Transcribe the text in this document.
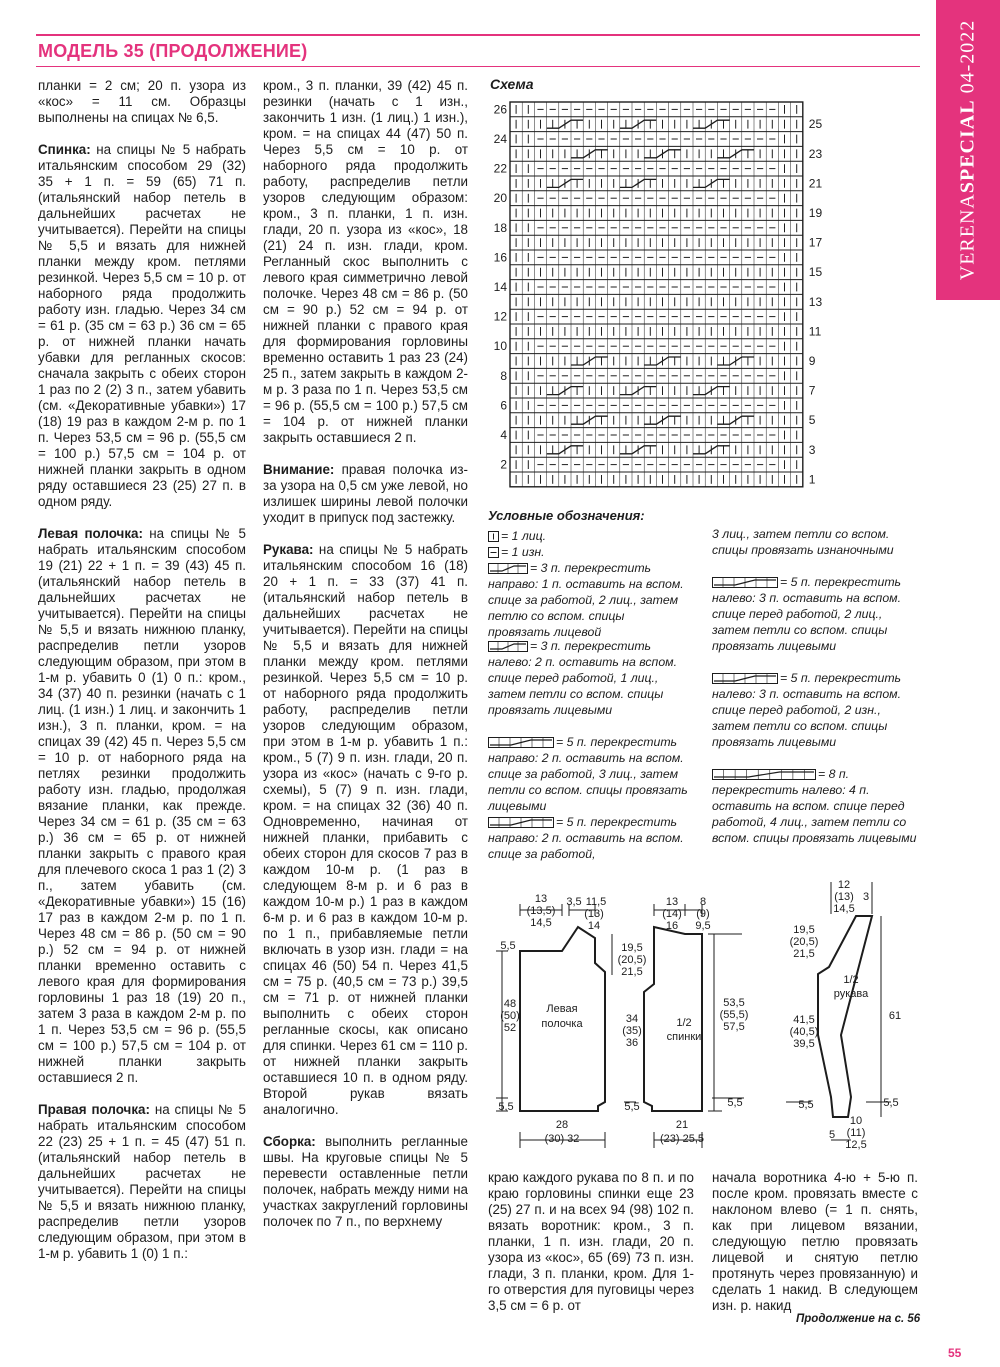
МОДЕЛЬ 35 (ПРОДОЛЖЕНИЕ)
VERENASPECIAL 04-2022

планки = 2 см; 20 п. узора из «кос» = 11 см. Образцы выполнены на спицах № 6,5.

Спинка: на спицы № 5 набрать итальянским способом 29 (32) 35 + 1 п. = 59 (65) 71 п. (итальянский набор петель в дальнейших расчетах не учитывается). Перейти на спицы № 5,5 и вязать для нижней планки между кром. петлями резинкой. Через 5,5 см = 10 р. от наборного ряда продолжить работу изн. гладью. Через 34 см = 61 р. (35 см = 63 р.) 36 см = 65 р. от нижней планки начать убавки для регланных скосов: сначала закрыть с обеих сторон 1 раз по 2 (2) 3 п., затем убавить (см. «Декоративные убавки») 17 (18) 19 раз в каждом 2-м р. по 1 п. Через 53,5 см = 96 р. (55,5 см = 100 р.) 57,5 см = 104 р. от нижней планки закрыть в одном ряду оставшиеся 23 (25) 27 п. в одном ряду.

Левая полочка: на спицы № 5 набрать итальянским способом 19 (21) 22 + 1 п. = 39 (43) 45 п. (итальянский набор петель в дальнейших расчетах не учитывается). Перейти на спицы № 5,5 и вязать нижнюю планку, распределив петли узоров следующим образом, при этом в 1-м р. убавить 0 (1) 0 п.: кром., 34 (37) 40 п. резинки (начать с 1 лиц. (1 изн.) 1 лиц. и закончить 1 изн.), 3 п. планки, кром. = на спицах 39 (42) 45 п. Через 5,5 см = 10 р. от наборного ряда на петлях резинки продолжить работу изн. гладью, продолжая вязание планки, как прежде. Через 34 см = 61 р. (35 см = 63 р.) 36 см = 65 р. от нижней планки закрыть с правого края для плечевого скоса 1 раз 1 (2) 3 п., затем убавить (см. «Декоративные убавки») 15 (16) 17 раз в каждом 2-м р. по 1 п. Через 48 см = 86 р. (50 см = 90 р.) 52 см = 94 р. от нижней планки временно оставить с левого края для формирования горловины 1 раз 18 (19) 20 п., затем 3 раза в каждом 2-м р. по 1 п. Через 53,5 см = 96 р. (55,5 см = 100 р.) 57,5 см = 104 р. от нижней планки закрыть оставшиеся 2 п.

Правая полочка: на спицы № 5 набрать итальянским способом 22 (23) 25 + 1 п. = 45 (47) 51 п. (итальянский набор петель в дальнейших расчетах не учитывается). Перейти на спицы № 5,5 и вязать нижнюю планку, распределив петли узоров следующим образом, при этом в 1-м р. убавить 1 (0) 1 п.:

кром., 3 п. планки, 39 (42) 45 п. резинки (начать с 1 изн., закончить 1 изн. (1 лиц.) 1 изн.), кром. = на спицах 44 (47) 50 п. Через 5,5 см = 10 р. от наборного ряда продолжить работу, распределив петли узоров следующим образом: кром., 3 п. планки, 1 п. изн. глади, 20 п. узора из «кос», 18 (21) 24 п. изн. глади, кром. Регланный скос выполнить с левого края симметрично левой полочке. Через 48 см = 86 р. (50 см = 90 р.) 52 см = 94 р. от нижней планки с правого края для формирования горловины временно оставить 1 раз 23 (24) 25 п., затем закрыть в каждом 2-м р. 3 раза по 1 п. Через 53,5 см = 96 р. (55,5 см = 100 р.) 57,5 см = 104 р. от нижней планки закрыть оставшиеся 2 п.

Внимание: правая полочка из-за узора на 0,5 см уже левой, но излишек ширины левой полочки уходит в припуск под застежку.

Рукава: на спицы № 5 набрать итальянским способом 16 (18) 20 + 1 п. = 33 (37) 41 п. (итальянский набор петель в дальнейших расчетах не учитывается). Перейти на спицы № 5,5 и вязать для нижней планки между кром. петлями резинкой. Через 5,5 см = 10 р. от наборного ряда продолжить работу, распределив петли узоров следующим образом, при этом в 1-м р. убавить 1 п.: кром., 5 (7) 9 п. изн. глади, 20 п. узора из «кос» (начать с 9-го р. схемы), 5 (7) 9 п. изн. глади, кром. = на спицах 32 (36) 40 п. Одновременно, начиная от нижней планки, прибавить с обеих сторон для скосов 7 раз в каждом 10-м р. (1 раз в следующем 8-м р. и 6 раз в каждом 10-м р.) 1 раз в каждом 6-м р. и 6 раз в каждом 10-м р. по 1 п., прибавляемые петли включать в узор изн. глади = на спицах 46 (50) 54 п. Через 41,5 см = 75 р. (40,5 см = 73 р.) 39,5 см = 71 р. от нижней планки выполнить с обеих сторон регланные скосы, как описано для спинки. Через 61 см = 110 р. от нижней планки закрыть оставшиеся 10 п. в одном ряду. Второй рукав вязать аналогично.

Сборка: выполнить регланные швы. На круговые спицы № 5 перевести оставленные петли полочек, набрать между ними на участках закруглений горловины полочек по 7 п., по верхнему

Схема
2
4
6
8
10
12
14
16
18
20
22
24
26
1
3
5
7
9
11
13
15
17
19
21
23
25
Условные обозначения:
= 1 лиц.
= 1 изн.
= 3 п. перекрестить направо: 1 п. оставить на вспом. спице за работой, 2 лиц., затем петлю со вспом. спицы провязать лицевой
= 3 п. перекрестить налево: 2 п. оставить на вспом. спице перед работой, 1 лиц., затем петли со вспом. спицы провязать лицевыми
= 5 п. перекрестить направо: 2 п. оставить на вспом. спице за работой, 3 лиц., затем петли со вспом. спицы провязать лицевыми
= 5 п. перекрестить направо: 2 п. оставить на вспом. спице за работой,
3 лиц., затем петли со вспом. спицы провязать изнаночными
= 5 п. перекрестить налево: 3 п. оставить на вспом. спице перед работой, 2 лиц., затем петли со вспом. спицы провязать лицевыми
= 5 п. перекрестить налево: 3 п. оставить на вспом. спице перед работой, 2 изн., затем петли со вспом. спицы провязать лицевыми
= 8 п. перекрестить налево: 4 п. оставить на вспом. спице перед работой, 4 лиц., затем петли со вспом. спицы провязать лицевыми
Левая
полочка
13
(13,5)
14,5
3,5 11,5
(13)
14
19,5
(20,5)
21,5
48
(50)
52
5,5
5,5
28
(30) 32
1/2
спинки
13
(14)
16
8
(9)
9,5
34
(35)
36
53,5
(55,5)
57,5
5,5	5,5
21
(23) 25,5
1/2
рукава
12
(13)
14,5
3
19,5
(20,5)
21,5
41,5
(40,5)
39,5
61
5,5	5,5
10
(11)
12,5
5

краю каждого рукава по 8 п. и по краю горловины спинки еще 23 (25) 27 п. и на всех 94 (98) 102 п. вязать воротник: кром., 3 п. планки, 1 п. изн. глади, 20 п. узора из «кос», 65 (69) 73 п. изн. глади, 3 п. планки, кром. Для 1-го отверстия для пуговицы через 3,5 см = 6 р. от

начала воротника 4-ю + 5-ю п. после кром. провязать вместе с наклоном влево (= 1 п. снять, как при лицевом вязании, следующую петлю провязать лицевой и снятую петлю протянуть через провязанную) и сделать 1 накид. В следующем изн. р. накид

Продолжение на с. 56
55
